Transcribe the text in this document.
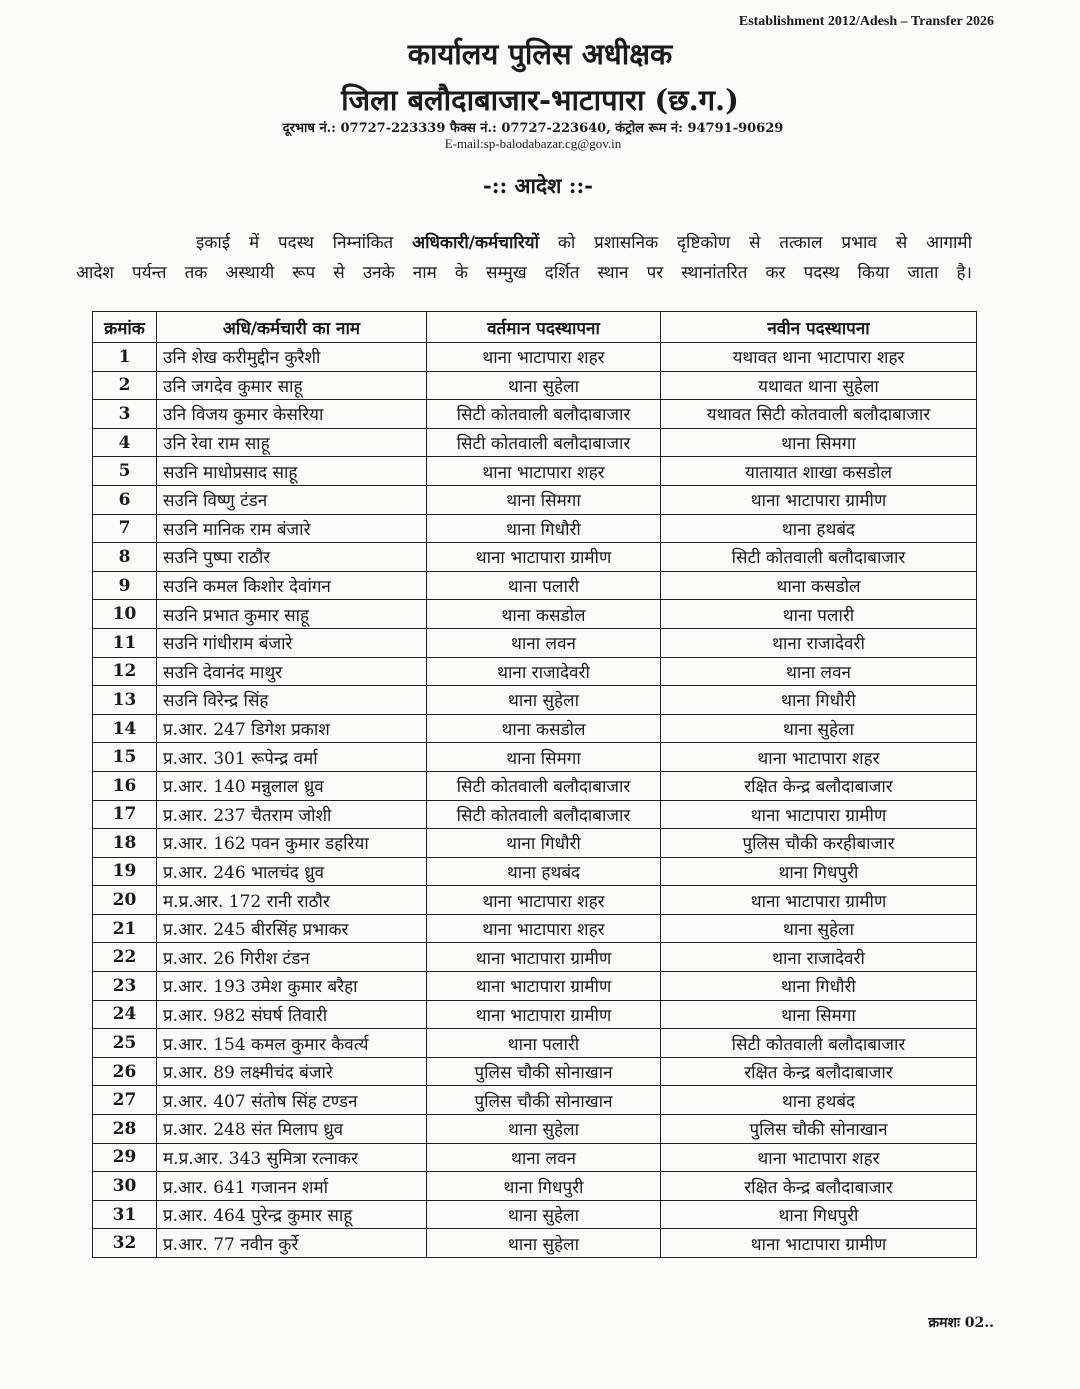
Establishment 2012/Adesh – Transfer 2026
कार्यालय पुलिस अधीक्षक
जिला बलौदाबाजार-भाटापारा (छ.ग.)
दूरभाष नं.: 07727-223339 फैक्स नं.: 07727-223640, कंट्रोल रूम नं: 94791-90629
E-mail:sp-balodabazar.cg@gov.in
-:: आदेश ::-

इकाई में पदस्थ निम्नांकित अधिकारी/कर्मचारियों को प्रशासनिक दृष्टिकोण से तत्काल प्रभाव से आगामी

आदेश पर्यन्त तक अस्थायी रूप से उनके नाम के सम्मुख दर्शित स्थान पर स्थानांतरित कर पदस्थ किया जाता है।

क्रमांक	अधि/कर्मचारी का नाम	वर्तमान पदस्थापना	नवीन पदस्थापना
1	उनि शेख करीमुद्दीन कुरैशी	थाना भाटापारा शहर	यथावत थाना भाटापारा शहर
2	उनि जगदेव कुमार साहू	थाना सुहेला	यथावत थाना सुहेला
3	उनि विजय कुमार केसरिया	सिटी कोतवाली बलौदाबाजार	यथावत सिटी कोतवाली बलौदाबाजार
4	उनि रेवा राम साहू	सिटी कोतवाली बलौदाबाजार	थाना सिमगा
5	सउनि माधोप्रसाद साहू	थाना भाटापारा शहर	यातायात शाखा कसडोल
6	सउनि विष्णु टंडन	थाना सिमगा	थाना भाटापारा ग्रामीण
7	सउनि मानिक राम बंजारे	थाना गिधौरी	थाना हथबंद
8	सउनि पुष्पा राठौर	थाना भाटापारा ग्रामीण	सिटी कोतवाली बलौदाबाजार
9	सउनि कमल किशोर देवांगन	थाना पलारी	थाना कसडोल
10	सउनि प्रभात कुमार साहू	थाना कसडोल	थाना पलारी
11	सउनि गांधीराम बंजारे	थाना लवन	थाना राजादेवरी
12	सउनि देवानंद माथुर	थाना राजादेवरी	थाना लवन
13	सउनि विरेन्द्र सिंह	थाना सुहेला	थाना गिधौरी
14	प्र.आर. 247 डिगेश प्रकाश	थाना कसडोल	थाना सुहेला
15	प्र.आर. 301 रूपेन्द्र वर्मा	थाना सिमगा	थाना भाटापारा शहर
16	प्र.आर. 140 मन्नुलाल ध्रुव	सिटी कोतवाली बलौदाबाजार	रक्षित केन्द्र बलौदाबाजार
17	प्र.आर. 237 चैतराम जोशी	सिटी कोतवाली बलौदाबाजार	थाना भाटापारा ग्रामीण
18	प्र.आर. 162 पवन कुमार डहरिया	थाना गिधौरी	पुलिस चौकी करहीबाजार
19	प्र.आर. 246 भालचंद ध्रुव	थाना हथबंद	थाना गिधपुरी
20	म.प्र.आर. 172 रानी राठौर	थाना भाटापारा शहर	थाना भाटापारा ग्रामीण
21	प्र.आर. 245 बीरसिंह प्रभाकर	थाना भाटापारा शहर	थाना सुहेला
22	प्र.आर. 26 गिरीश टंडन	थाना भाटापारा ग्रामीण	थाना राजादेवरी
23	प्र.आर. 193 उमेश कुमार बरैहा	थाना भाटापारा ग्रामीण	थाना गिधौरी
24	प्र.आर. 982 संघर्ष तिवारी	थाना भाटापारा ग्रामीण	थाना सिमगा
25	प्र.आर. 154 कमल कुमार कैवर्त्य	थाना पलारी	सिटी कोतवाली बलौदाबाजार
26	प्र.आर. 89 लक्ष्मीचंद बंजारे	पुलिस चौकी सोनाखान	रक्षित केन्द्र बलौदाबाजार
27	प्र.आर. 407 संतोष सिंह टण्डन	पुलिस चौकी सोनाखान	थाना हथबंद
28	प्र.आर. 248 संत मिलाप ध्रुव	थाना सुहेला	पुलिस चौकी सोनाखान
29	म.प्र.आर. 343 सुमित्रा रत्नाकर	थाना लवन	थाना भाटापारा शहर
30	प्र.आर. 641 गजानन शर्मा	थाना गिधपुरी	रक्षित केन्द्र बलौदाबाजार
31	प्र.आर. 464 पुरेन्द्र कुमार साहू	थाना सुहेला	थाना गिधपुरी
32	प्र.आर. 77 नवीन कुर्रे	थाना सुहेला	थाना भाटापारा ग्रामीण
क्रमशः 02..
